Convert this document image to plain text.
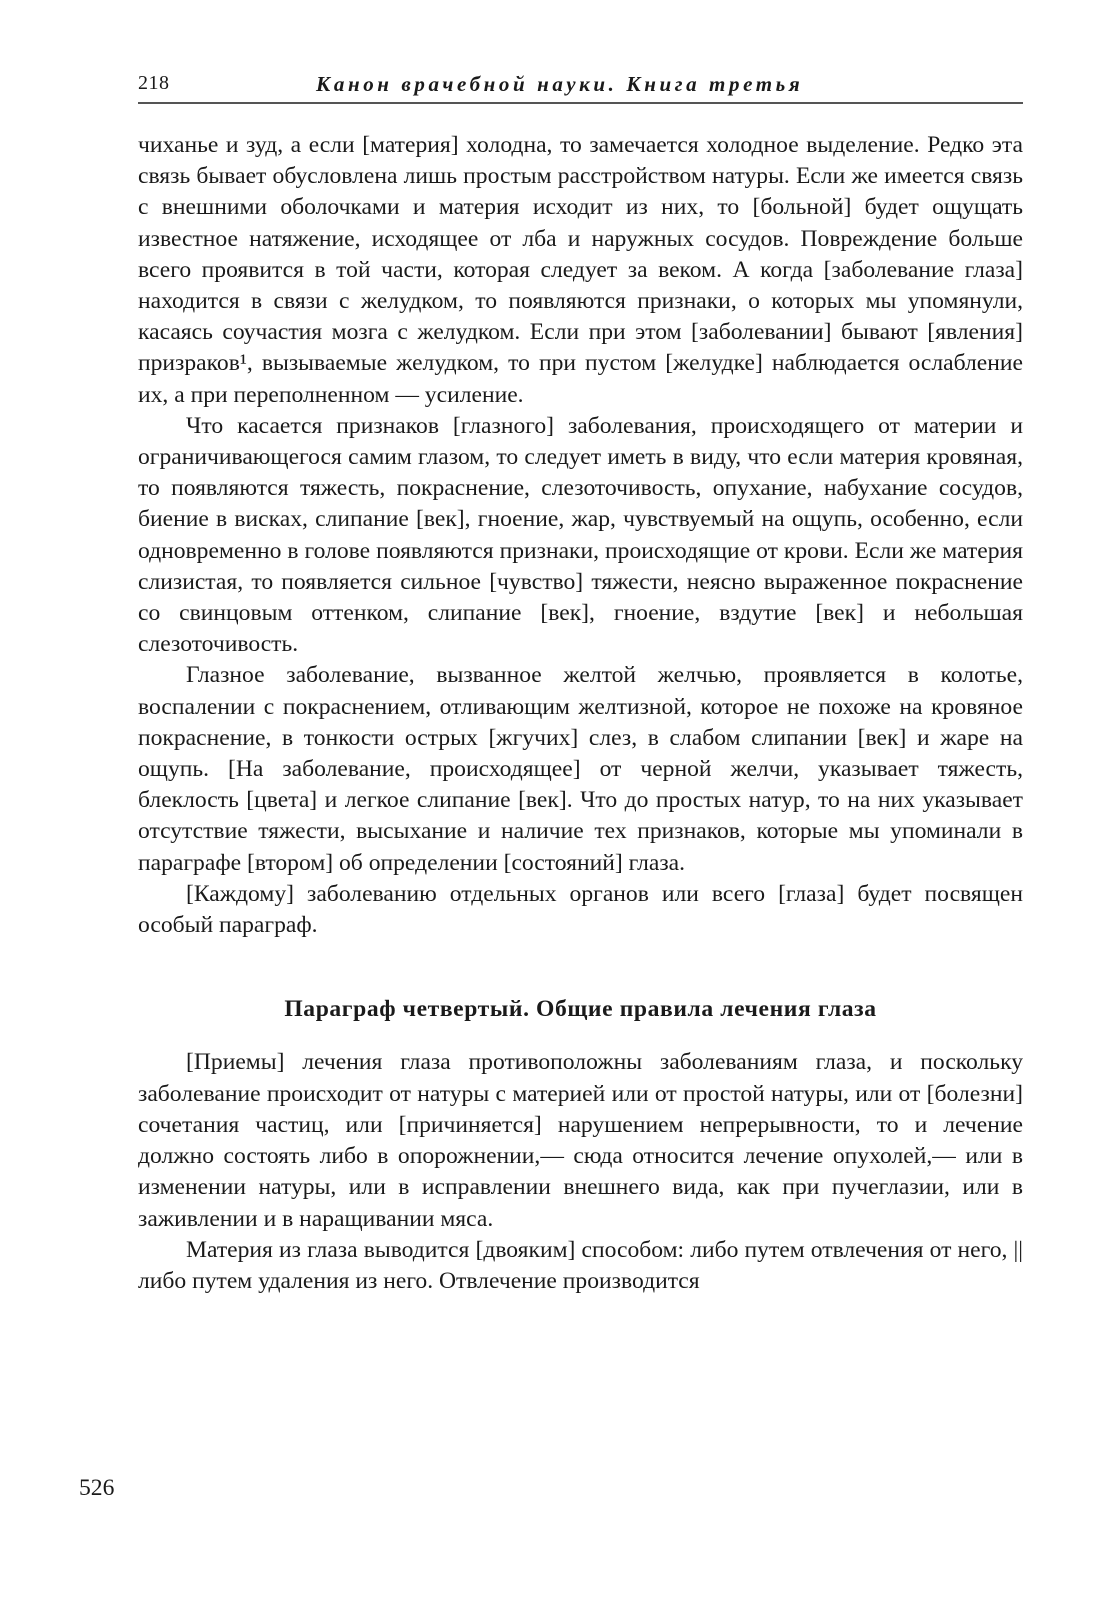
218	Канон врачебной науки. Книга третья

чиханье и зуд, а если [материя] холодна, то замечается холодное выделение. Редко эта связь бывает обусловлена лишь простым расстройством натуры. Если же имеется связь с внешними оболочками и материя исходит из них, то [больной] будет ощущать известное натяжение, исходящее от лба и наружных сосудов. Повреждение больше всего проявится в той части, которая следует за веком. А когда [заболевание глаза] находится в связи с желудком, то появляются признаки, о которых мы упомянули, касаясь соучастия мозга с желудком. Если при этом [заболевании] бывают [явления] призраков¹, вызываемые желудком, то при пустом [желудке] наблюдается ослабление их, а при переполненном — усиление.

Что касается признаков [глазного] заболевания, происходящего от материи и ограничивающегося самим глазом, то следует иметь в виду, что если материя кровяная, то появляются тяжесть, покраснение, слезоточивость, опухание, набухание сосудов, биение в висках, слипание [век], гноение, жар, чувствуемый на ощупь, особенно, если одновременно в голове появляются признаки, происходящие от крови. Если же материя слизистая, то появляется сильное [чувство] тяжести, неясно выраженное покраснение со свинцовым оттенком, слипание [век], гноение, вздутие [век] и небольшая слезоточивость.

Глазное заболевание, вызванное желтой желчью, проявляется в колотье, воспалении с покраснением, отливающим желтизной, которое не похоже на кровяное покраснение, в тонкости острых [жгучих] слез, в слабом слипании [век] и жаре на ощупь. [На заболевание, происходящее] от черной желчи, указывает тяжесть, блеклость [цвета] и легкое слипание [век]. Что до простых натур, то на них указывает отсутствие тяжести, высыхание и наличие тех признаков, которые мы упоминали в параграфе [втором] об определении [состояний] глаза.

[Каждому] заболеванию отдельных органов или всего [глаза] будет посвящен особый параграф.

Параграф четвертый. Общие правила лечения глаза

[Приемы] лечения глаза противоположны заболеваниям глаза, и поскольку заболевание происходит от натуры с материей или от простой натуры, или от [болезни] сочетания частиц, или [причиняется] нарушением непрерывности, то и лечение должно состоять либо в опорожнении,— сюда относится лечение опухолей,— или в изменении натуры, или в исправлении внешнего вида, как при пучеглазии, или в заживлении и в наращивании мяса.

Материя из глаза выводится [двояким] способом: либо путем отвлечения от него, || либо путем удаления из него. Отвлечение производится

526
